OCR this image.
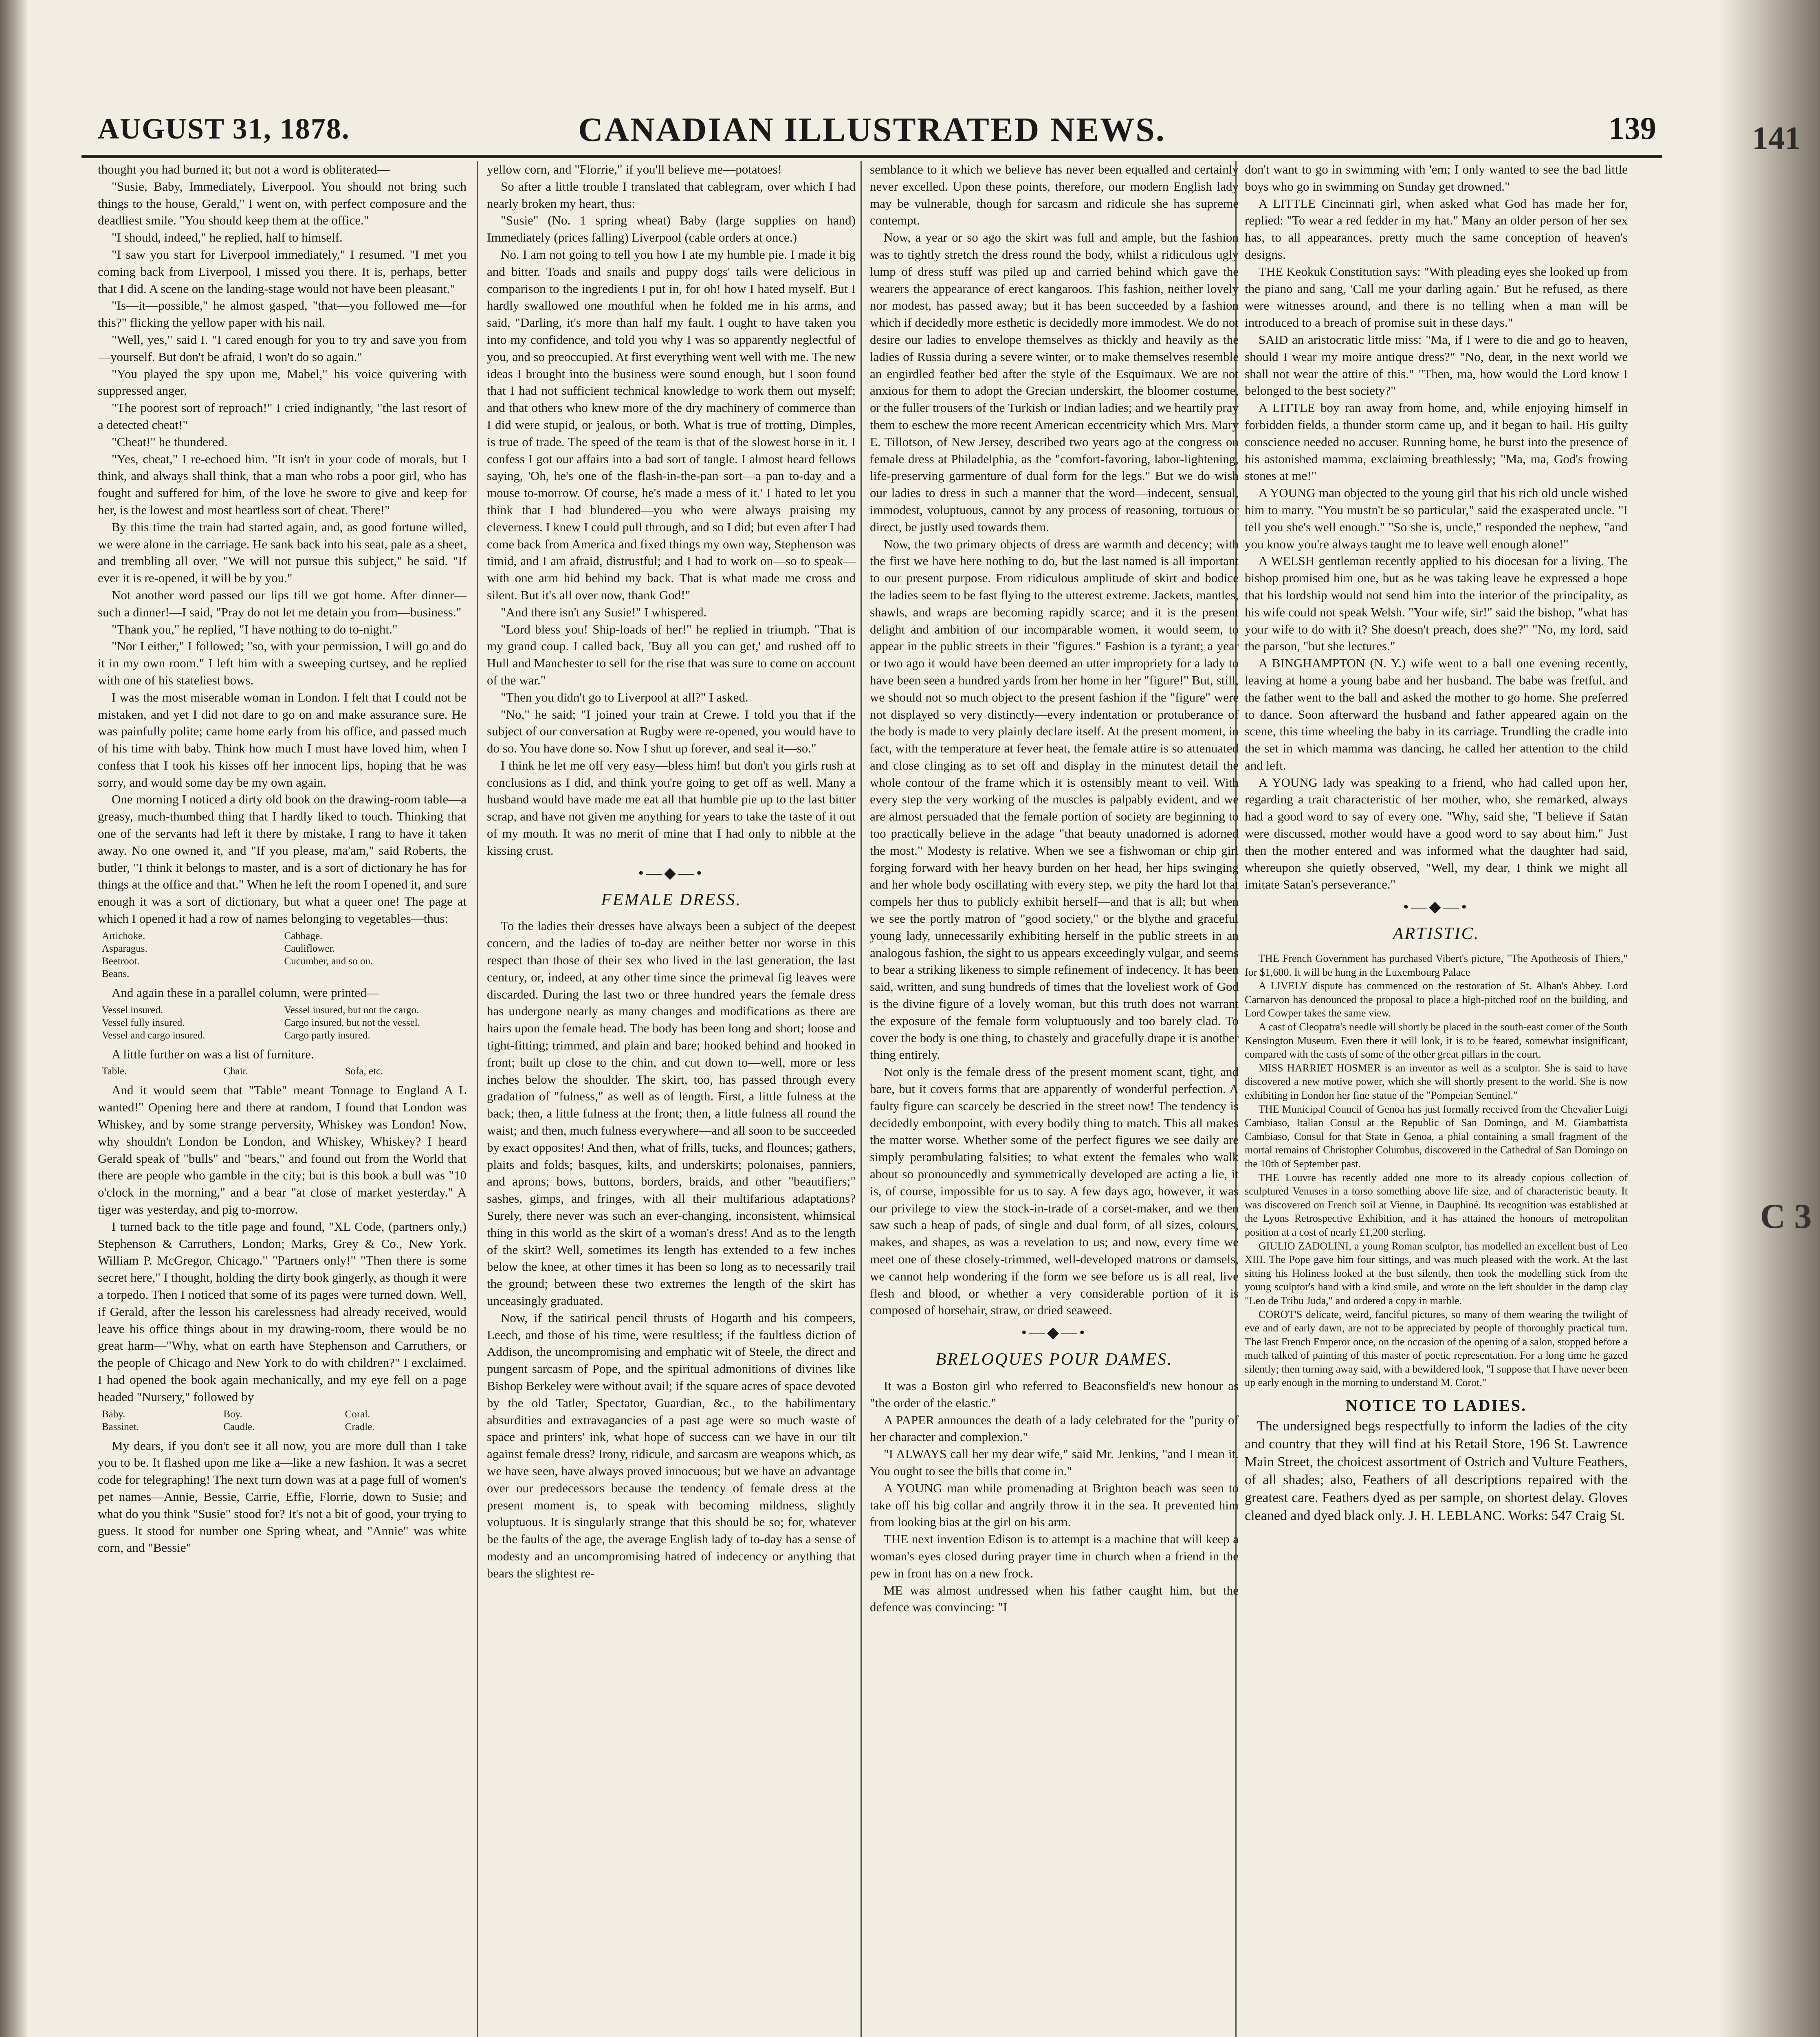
141
C 3
AUGUST 31, 1878.	CANADIAN ILLUSTRATED NEWS.	139

thought you had burned it; but not a word is obliterated—

"Susie, Baby, Immediately, Liverpool. You should not bring such things to the house, Gerald," I went on, with perfect composure and the deadliest smile. "You should keep them at the office."

"I should, indeed," he replied, half to himself.

"I saw you start for Liverpool immediately," I resumed. "I met you coming back from Liverpool, I missed you there. It is, perhaps, better that I did. A scene on the landing-stage would not have been pleasant."

"Is—it—possible," he almost gasped, "that—you followed me—for this?" flicking the yellow paper with his nail.

"Well, yes," said I. "I cared enough for you to try and save you from—yourself. But don't be afraid, I won't do so again."

"You played the spy upon me, Mabel," his voice quivering with suppressed anger.

"The poorest sort of reproach!" I cried indignantly, "the last resort of a detected cheat!"

"Cheat!" he thundered.

"Yes, cheat," I re-echoed him. "It isn't in your code of morals, but I think, and always shall think, that a man who robs a poor girl, who has fought and suffered for him, of the love he swore to give and keep for her, is the lowest and most heartless sort of cheat. There!"

By this time the train had started again, and, as good fortune willed, we were alone in the carriage. He sank back into his seat, pale as a sheet, and trembling all over. "We will not pursue this subject," he said. "If ever it is re-opened, it will be by you."

Not another word passed our lips till we got home. After dinner—such a dinner!—I said, "Pray do not let me detain you from—business."

"Thank you," he replied, "I have nothing to do to-night."

"Nor I either," I followed; "so, with your permission, I will go and do it in my own room." I left him with a sweeping curtsey, and he replied with one of his stateliest bows.

I was the most miserable woman in London. I felt that I could not be mistaken, and yet I did not dare to go on and make assurance sure. He was painfully polite; came home early from his office, and passed much of his time with baby. Think how much I must have loved him, when I confess that I took his kisses off her innocent lips, hoping that he was sorry, and would some day be my own again.

One morning I noticed a dirty old book on the drawing-room table—a greasy, much-thumbed thing that I hardly liked to touch. Thinking that one of the servants had left it there by mistake, I rang to have it taken away. No one owned it, and "If you please, ma'am," said Roberts, the butler, "I think it belongs to master, and is a sort of dictionary he has for things at the office and that." When he left the room I opened it, and sure enough it was a sort of dictionary, but what a queer one! The page at which I opened it had a row of names belonging to vegetables—thus:

Artichoke.	Cabbage.
Asparagus.	Cauliflower.
Beetroot.	Cucumber, and so on.
Beans.

And again these in a parallel column, were printed—

Vessel insured.	Vessel insured, but not the cargo.
Vessel fully insured.	Cargo insured, but not the vessel.
Vessel and cargo insured.	Cargo partly insured.

A little further on was a list of furniture.

Table.	Chair.	Sofa, etc.

And it would seem that "Table" meant Tonnage to England A L wanted!" Opening here and there at random, I found that London was Whiskey, and by some strange perversity, Whiskey was London! Now, why shouldn't London be London, and Whiskey, Whiskey? I heard Gerald speak of "bulls" and "bears," and found out from the World that there are people who gamble in the city; but is this book a bull was "10 o'clock in the morning," and a bear "at close of market yesterday." A tiger was yesterday, and pig to-morrow.

I turned back to the title page and found, "XL Code, (partners only,) Stephenson & Carruthers, London; Marks, Grey & Co., New York. William P. McGregor, Chicago." "Partners only!" "Then there is some secret here," I thought, holding the dirty book gingerly, as though it were a torpedo. Then I noticed that some of its pages were turned down. Well, if Gerald, after the lesson his carelessness had already received, would leave his office things about in my drawing-room, there would be no great harm—"Why, what on earth have Stephenson and Carruthers, or the people of Chicago and New York to do with children?" I exclaimed. I had opened the book again mechanically, and my eye fell on a page headed "Nursery," followed by

Baby.	Boy.	Coral.
Bassinet.	Caudle.	Cradle.

My dears, if you don't see it all now, you are more dull than I take you to be. It flashed upon me like a—like a new fashion. It was a secret code for telegraphing! The next turn down was at a page full of women's pet names—Annie, Bessie, Carrie, Effie, Florrie, down to Susie; and what do you think "Susie" stood for? It's not a bit of good, your trying to guess. It stood for number one Spring wheat, and "Annie" was white corn, and "Bessie"

yellow corn, and "Florrie," if you'll believe me—potatoes!

So after a little trouble I translated that cablegram, over which I had nearly broken my heart, thus:

"Susie" (No. 1 spring wheat) Baby (large supplies on hand) Immediately (prices falling) Liverpool (cable orders at once.)

No. I am not going to tell you how I ate my humble pie. I made it big and bitter. Toads and snails and puppy dogs' tails were delicious in comparison to the ingredients I put in, for oh! how I hated myself. But I hardly swallowed one mouthful when he folded me in his arms, and said, "Darling, it's more than half my fault. I ought to have taken you into my confidence, and told you why I was so apparently neglectful of you, and so preoccupied. At first everything went well with me. The new ideas I brought into the business were sound enough, but I soon found that I had not sufficient technical knowledge to work them out myself; and that others who knew more of the dry machinery of commerce than I did were stupid, or jealous, or both. What is true of trotting, Dimples, is true of trade. The speed of the team is that of the slowest horse in it. I confess I got our affairs into a bad sort of tangle. I almost heard fellows saying, 'Oh, he's one of the flash-in-the-pan sort—a pan to-day and a mouse to-morrow. Of course, he's made a mess of it.' I hated to let you think that I had blundered—you who were always praising my cleverness. I knew I could pull through, and so I did; but even after I had come back from America and fixed things my own way, Stephenson was timid, and I am afraid, distrustful; and I had to work on—so to speak—with one arm hid behind my back. That is what made me cross and silent. But it's all over now, thank God!"

"And there isn't any Susie!" I whispered.

"Lord bless you! Ship-loads of her!" he replied in triumph. "That is my grand coup. I called back, 'Buy all you can get,' and rushed off to Hull and Manchester to sell for the rise that was sure to come on account of the war."

"Then you didn't go to Liverpool at all?" I asked.

"No," he said; "I joined your train at Crewe. I told you that if the subject of our conversation at Rugby were re-opened, you would have to do so. You have done so. Now I shut up forever, and seal it—so."

I think he let me off very easy—bless him! but don't you girls rush at conclusions as I did, and think you're going to get off as well. Many a husband would have made me eat all that humble pie up to the last bitter scrap, and have not given me anything for years to take the taste of it out of my mouth. It was no merit of mine that I had only to nibble at the kissing crust.

•—◆—•
FEMALE DRESS.

To the ladies their dresses have always been a subject of the deepest concern, and the ladies of to-day are neither better nor worse in this respect than those of their sex who lived in the last generation, the last century, or, indeed, at any other time since the primeval fig leaves were discarded. During the last two or three hundred years the female dress has undergone nearly as many changes and modifications as there are hairs upon the female head. The body has been long and short; loose and tight-fitting; trimmed, and plain and bare; hooked behind and hooked in front; built up close to the chin, and cut down to—well, more or less inches below the shoulder. The skirt, too, has passed through every gradation of "fulness," as well as of length. First, a little fulness at the back; then, a little fulness at the front; then, a little fulness all round the waist; and then, much fulness everywhere—and all soon to be succeeded by exact opposites! And then, what of frills, tucks, and flounces; gathers, plaits and folds; basques, kilts, and underskirts; polonaises, panniers, and aprons; bows, buttons, borders, braids, and other "beautifiers;" sashes, gimps, and fringes, with all their multifarious adaptations? Surely, there never was such an ever-changing, inconsistent, whimsical thing in this world as the skirt of a woman's dress! And as to the length of the skirt? Well, sometimes its length has extended to a few inches below the knee, at other times it has been so long as to necessarily trail the ground; between these two extremes the length of the skirt has unceasingly graduated.

Now, if the satirical pencil thrusts of Hogarth and his compeers, Leech, and those of his time, were resultless; if the faultless diction of Addison, the uncompromising and emphatic wit of Steele, the direct and pungent sarcasm of Pope, and the spiritual admonitions of divines like Bishop Berkeley were without avail; if the square acres of space devoted by the old Tatler, Spectator, Guardian, &c., to the habilimentary absurdities and extravagancies of a past age were so much waste of space and printers' ink, what hope of success can we have in our tilt against female dress? Irony, ridicule, and sarcasm are weapons which, as we have seen, have always proved innocuous; but we have an advantage over our predecessors because the tendency of female dress at the present moment is, to speak with becoming mildness, slightly voluptuous. It is singularly strange that this should be so; for, whatever be the faults of the age, the average English lady of to-day has a sense of modesty and an uncompromising hatred of indecency or anything that bears the slightest re-

semblance to it which we believe has never been equalled and certainly never excelled. Upon these points, therefore, our modern English lady may be vulnerable, though for sarcasm and ridicule she has supreme contempt.

Now, a year or so ago the skirt was full and ample, but the fashion was to tightly stretch the dress round the body, whilst a ridiculous ugly lump of dress stuff was piled up and carried behind which gave the wearers the appearance of erect kangaroos. This fashion, neither lovely nor modest, has passed away; but it has been succeeded by a fashion which if decidedly more esthetic is decidedly more immodest. We do not desire our ladies to envelope themselves as thickly and heavily as the ladies of Russia during a severe winter, or to make themselves resemble an engirdled feather bed after the style of the Esquimaux. We are not anxious for them to adopt the Grecian underskirt, the bloomer costume, or the fuller trousers of the Turkish or Indian ladies; and we heartily pray them to eschew the more recent American eccentricity which Mrs. Mary E. Tillotson, of New Jersey, described two years ago at the congress on female dress at Philadelphia, as the "comfort-favoring, labor-lightening, life-preserving garmenture of dual form for the legs." But we do wish our ladies to dress in such a manner that the word—indecent, sensual, immodest, voluptuous, cannot by any process of reasoning, tortuous or direct, be justly used towards them.

Now, the two primary objects of dress are warmth and decency; with the first we have here nothing to do, but the last named is all important to our present purpose. From ridiculous amplitude of skirt and bodice the ladies seem to be fast flying to the utterest extreme. Jackets, mantles, shawls, and wraps are becoming rapidly scarce; and it is the present delight and ambition of our incomparable women, it would seem, to appear in the public streets in their "figures." Fashion is a tyrant; a year or two ago it would have been deemed an utter impropriety for a lady to have been seen a hundred yards from her home in her "figure!" But, still, we should not so much object to the present fashion if the "figure" were not displayed so very distinctly—every indentation or protuberance of the body is made to very plainly declare itself. At the present moment, in fact, with the temperature at fever heat, the female attire is so attenuated and close clinging as to set off and display in the minutest detail the whole contour of the frame which it is ostensibly meant to veil. With every step the very working of the muscles is palpably evident, and we are almost persuaded that the female portion of society are beginning to too practically believe in the adage "that beauty unadorned is adorned the most." Modesty is relative. When we see a fishwoman or chip girl forging forward with her heavy burden on her head, her hips swinging and her whole body oscillating with every step, we pity the hard lot that compels her thus to publicly exhibit herself—and that is all; but when we see the portly matron of "good society," or the blythe and graceful young lady, unnecessarily exhibiting herself in the public streets in an analogous fashion, the sight to us appears exceedingly vulgar, and seems to bear a striking likeness to simple refinement of indecency. It has been said, written, and sung hundreds of times that the loveliest work of God is the divine figure of a lovely woman, but this truth does not warrant the exposure of the female form voluptuously and too barely clad. To cover the body is one thing, to chastely and gracefully drape it is another thing entirely.

Not only is the female dress of the present moment scant, tight, and bare, but it covers forms that are apparently of wonderful perfection. A faulty figure can scarcely be descried in the street now! The tendency is decidedly embonpoint, with every bodily thing to match. This all makes the matter worse. Whether some of the perfect figures we see daily are simply perambulating falsities; to what extent the females who walk about so pronouncedly and symmetrically developed are acting a lie, it is, of course, impossible for us to say. A few days ago, however, it was our privilege to view the stock-in-trade of a corset-maker, and we then saw such a heap of pads, of single and dual form, of all sizes, colours, makes, and shapes, as was a revelation to us; and now, every time we meet one of these closely-trimmed, well-developed matrons or damsels, we cannot help wondering if the form we see before us is all real, live flesh and blood, or whether a very considerable portion of it is composed of horsehair, straw, or dried seaweed.

•—◆—•
BRELOQUES POUR DAMES.

It was a Boston girl who referred to Beaconsfield's new honour as "the order of the elastic."

A PAPER announces the death of a lady celebrated for the "purity of her character and complexion."

"I ALWAYS call her my dear wife," said Mr. Jenkins, "and I mean it. You ought to see the bills that come in."

A YOUNG man while promenading at Brighton beach was seen to take off his big collar and angrily throw it in the sea. It prevented him from looking bias at the girl on his arm.

THE next invention Edison is to attempt is a machine that will keep a woman's eyes closed during prayer time in church when a friend in the pew in front has on a new frock.

ME was almost undressed when his father caught him, but the defence was convincing: "I

don't want to go in swimming with 'em; I only wanted to see the bad little boys who go in swimming on Sunday get drowned."

A LITTLE Cincinnati girl, when asked what God has made her for, replied: "To wear a red fedder in my hat." Many an older person of her sex has, to all appearances, pretty much the same conception of heaven's designs.

THE Keokuk Constitution says: "With pleading eyes she looked up from the piano and sang, 'Call me your darling again.' But he refused, as there were witnesses around, and there is no telling when a man will be introduced to a breach of promise suit in these days."

SAID an aristocratic little miss: "Ma, if I were to die and go to heaven, should I wear my moire antique dress?" "No, dear, in the next world we shall not wear the attire of this." "Then, ma, how would the Lord know I belonged to the best society?"

A LITTLE boy ran away from home, and, while enjoying himself in forbidden fields, a thunder storm came up, and it began to hail. His guilty conscience needed no accuser. Running home, he burst into the presence of his astonished mamma, exclaiming breathlessly; "Ma, ma, God's frowing stones at me!"

A YOUNG man objected to the young girl that his rich old uncle wished him to marry. "You mustn't be so particular," said the exasperated uncle. "I tell you she's well enough." "So she is, uncle," responded the nephew, "and you know you're always taught me to leave well enough alone!"

A WELSH gentleman recently applied to his diocesan for a living. The bishop promised him one, but as he was taking leave he expressed a hope that his lordship would not send him into the interior of the principality, as his wife could not speak Welsh. "Your wife, sir!" said the bishop, "what has your wife to do with it? She doesn't preach, does she?" "No, my lord, said the parson, "but she lectures."

A BINGHAMPTON (N. Y.) wife went to a ball one evening recently, leaving at home a young babe and her husband. The babe was fretful, and the father went to the ball and asked the mother to go home. She preferred to dance. Soon afterward the husband and father appeared again on the scene, this time wheeling the baby in its carriage. Trundling the cradle into the set in which mamma was dancing, he called her attention to the child and left.

A YOUNG lady was speaking to a friend, who had called upon her, regarding a trait characteristic of her mother, who, she remarked, always had a good word to say of every one. "Why, said she, "I believe if Satan were discussed, mother would have a good word to say about him." Just then the mother entered and was informed what the daughter had said, whereupon she quietly observed, "Well, my dear, I think we might all imitate Satan's perseverance."

•—◆—•
ARTISTIC.

THE French Government has purchased Vibert's picture, "The Apotheosis of Thiers," for $1,600. It will be hung in the Luxembourg Palace

A LIVELY dispute has commenced on the restoration of St. Alban's Abbey. Lord Carnarvon has denounced the proposal to place a high-pitched roof on the building, and Lord Cowper takes the same view.

A cast of Cleopatra's needle will shortly be placed in the south-east corner of the South Kensington Museum. Even there it will look, it is to be feared, somewhat insignificant, compared with the casts of some of the other great pillars in the court.

MISS HARRIET HOSMER is an inventor as well as a sculptor. She is said to have discovered a new motive power, which she will shortly present to the world. She is now exhibiting in London her fine statue of the "Pompeian Sentinel."

THE Municipal Council of Genoa has just formally received from the Chevalier Luigi Cambiaso, Italian Consul at the Republic of San Domingo, and M. Giambattista Cambiaso, Consul for that State in Genoa, a phial containing a small fragment of the mortal remains of Christopher Columbus, discovered in the Cathedral of San Domingo on the 10th of September past.

THE Louvre has recently added one more to its already copious collection of sculptured Venuses in a torso something above life size, and of characteristic beauty. It was discovered on French soil at Vienne, in Dauphiné. Its recognition was established at the Lyons Retrospective Exhibition, and it has attained the honours of metropolitan position at a cost of nearly £1,200 sterling.

GIULIO ZADOLINI, a young Roman sculptor, has modelled an excellent bust of Leo XIII. The Pope gave him four sittings, and was much pleased with the work. At the last sitting his Holiness looked at the bust silently, then took the modelling stick from the young sculptor's hand with a kind smile, and wrote on the left shoulder in the damp clay "Leo de Tribu Juda," and ordered a copy in marble.

COROT'S delicate, weird, fanciful pictures, so many of them wearing the twilight of eve and of early dawn, are not to be appreciated by people of thoroughly practical turn. The last French Emperor once, on the occasion of the opening of a salon, stopped before a much talked of painting of this master of poetic representation. For a long time he gazed silently; then turning away said, with a bewildered look, "I suppose that I have never been up early enough in the morning to understand M. Corot."

NOTICE TO LADIES.
The undersigned begs respectfully to inform the ladies of the city and country that they will find at his Retail Store, 196 St. Lawrence Main Street, the choicest assortment of Ostrich and Vulture Feathers, of all shades; also, Feathers of all descriptions repaired with the greatest care. Feathers dyed as per sample, on shortest delay. Gloves cleaned and dyed black only. J. H. LEBLANC. Works: 547 Craig St.
